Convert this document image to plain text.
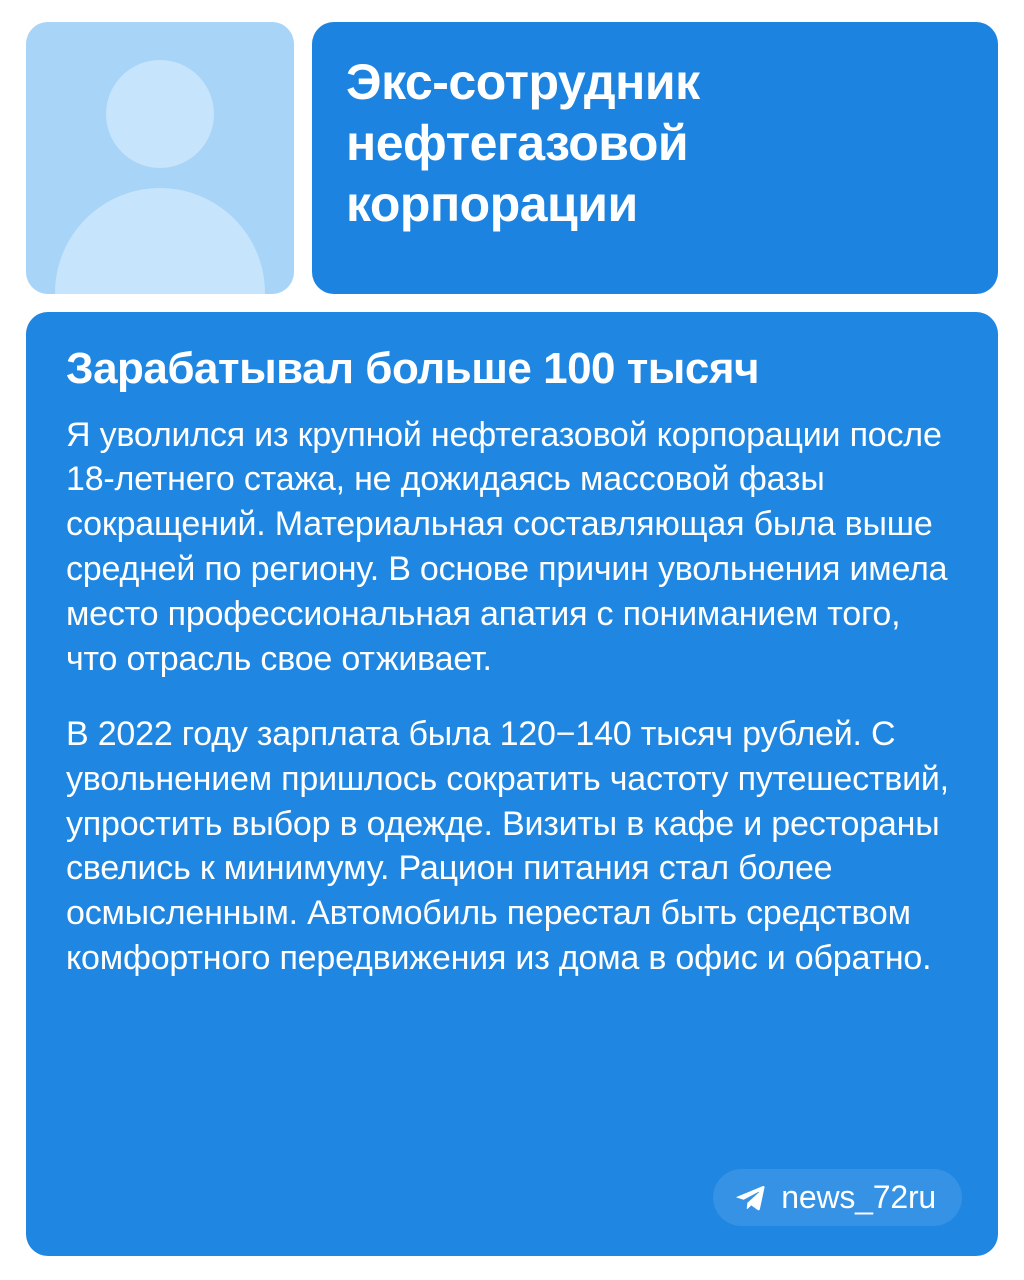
Экс-сотрудник нефтегазовой корпорации
Зарабатывал больше 100 тысяч

Я уволился из крупной нефтегазовой корпорации после 18-летнего стажа, не дожидаясь массовой фазы сокращений. Материальная составляющая была выше средней по региону. В основе причин увольнения имела место профессиональная апатия с пониманием того, что отрасль свое отживает.

В 2022 году зарплата была 120−140 тысяч рублей. С увольнением пришлось сократить частоту путешествий, упростить выбор в одежде. Визиты в кафе и рестораны свелись к минимуму. Рацион питания стал более осмысленным. Автомобиль перестал быть средством комфортного передвижения из дома в офис и обратно.

news_72ru
